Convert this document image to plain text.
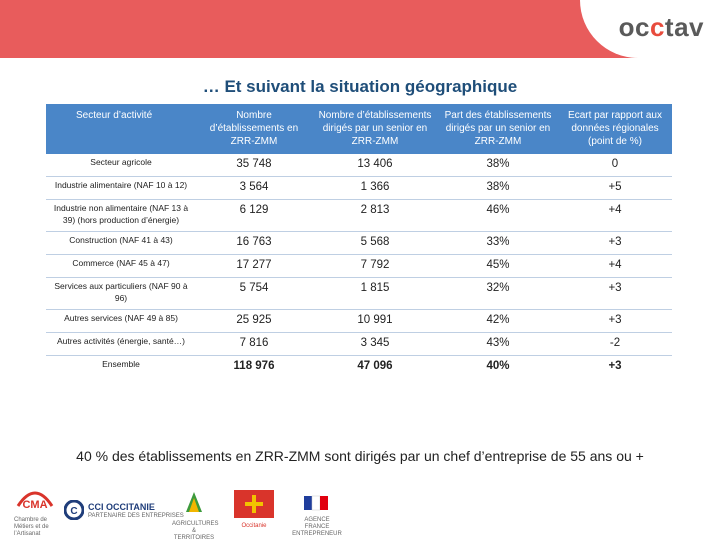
occtav
… Et suivant la situation géographique
Secteur d’activité	Nombre d’établissements en ZRR-ZMM	Nombre d’établissements dirigés par un senior en ZRR-ZMM	Part des établissements dirigés par un senior en ZRR-ZMM	Ecart par rapport aux données régionales (point de %)
Secteur agricole	35 748	13 406	38%	0
Industrie alimentaire (NAF 10 à 12)	3 564	1 366	38%	+5
Industrie non alimentaire (NAF 13 à 39) (hors production d’énergie)	6 129	2 813	46%	+4
Construction (NAF 41 à 43)	16 763	5 568	33%	+3
Commerce (NAF 45 à 47)	17 277	7 792	45%	+4
Services aux particuliers (NAF 90 à 96)	5 754	1 815	32%	+3
Autres services (NAF 49 à 85)	25 925	10 991	42%	+3
Autres activités (énergie, santé…)	7 816	3 345	43%	-2
Ensemble	118 976	47 096	40%	+3
40 % des établissements en ZRR-ZMM sont dirigés par un chef d’entreprise de 55 ans ou +
CMA
Chambre de Métiers et de l’Artisanat
C CCI OCCITANIE
PARTENAIRE DES ENTREPRISES
AGRICULTURES & TERRITOIRES
Occitanie
AGENCE FRANCE ENTREPRENEUR
